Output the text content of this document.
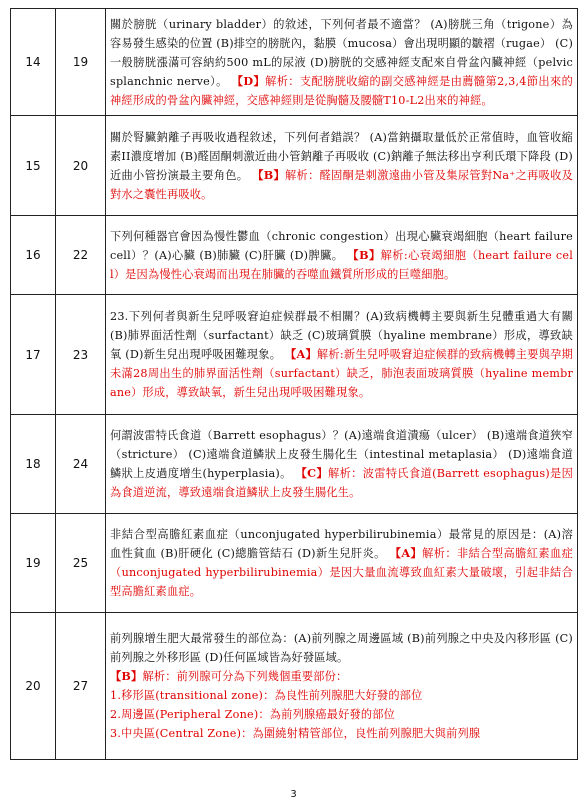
14	19	關於膀胱（urinary bladder）的敘述，下列何者最不適當？ (A)膀胱三角（trigone）為容易發生感染的位置 (B)排空的膀胱內，黏膜（mucosa）會出現明顯的皺褶（rugae） (C)一般膀胱漲滿可容納約500 mL的尿液 (D)膀胱的交感神經支配來自骨盆內臟神經（pelvic splanchnic nerve）。 【D】解析：支配膀胱收縮的副交感神經是由薦髓第2,3,4節出來的神經形成的骨盆內臟神經，交感神經則是從胸髓及腰髓T10-L2出來的神經。
15	20	關於腎臟鈉離子再吸收過程敘述，下列何者錯誤？ (A)當鈉攝取量低於正常值時，血管收縮素II濃度增加 (B)醛固酮刺激近曲小管鈉離子再吸收 (C)鈉離子無法移出亨利氏環下降段 (D)近曲小管扮演最主要角色。 【B】解析：醛固酮是刺激遠曲小管及集尿管對Na⁺之再吸收及對水之囊性再吸收。
16	22	下列何種器官會因為慢性鬱血（chronic congestion）出現心臟衰竭細胞（heart failure cell）？(A)心臟 (B)肺臟 (C)肝臟 (D)脾臟。 【B】解析:心衰竭細胞（heart failure cell）是因為慢性心衰竭而出現在肺臟的吞噬血鐵質所形成的巨噬細胞。
17	23	23.下列何者與新生兒呼吸窘迫症候群最不相關？(A)致病機轉主要與新生兒體重過大有關 (B)肺界面活性劑（surfactant）缺乏 (C)玻璃質膜（hyaline membrane）形成，導致缺氧 (D)新生兒出現呼吸困難現象。 【A】解析:新生兒呼吸窘迫症候群的致病機轉主要與孕期未滿28周出生的肺界面活性劑（surfactant）缺乏，肺泡表面玻璃質膜（hyaline membrane）形成，導致缺氧，新生兒出現呼吸困難現象。
18	24	何謂波雷特氏食道（Barrett esophagus）？(A)遠端食道潰瘍（ulcer） (B)遠端食道狹窄（stricture） (C)遠端食道鱗狀上皮發生腸化生（intestinal metaplasia） (D)遠端食道鱗狀上皮過度增生(hyperplasia)。 【C】解析：波雷特氏食道(Barrett esophagus)是因為食道逆流，導致遠端食道鱗狀上皮發生腸化生。
19	25	非結合型高膽紅素血症（unconjugated hyperbilirubinemia）最常見的原因是：(A)溶血性貧血 (B)肝硬化 (C)總膽管結石 (D)新生兒肝炎。 【A】解析：非結合型高膽紅素血症（unconjugated hyperbilirubinemia）是因大量血流導致血紅素大量破壞，引起非結合型高膽紅素血症。
20	27	前列腺增生肥大最常發生的部位為：(A)前列腺之周邊區域 (B)前列腺之中央及內移形區 (C)前列腺之外移形區 (D)任何區域皆為好發區域。
【B】解析：前列腺可分為下列幾個重要部份：
1.移形區(transitional zone)：為良性前列腺肥大好發的部位
2.周邊區(Peripheral Zone)：為前列腺癌最好發的部位
3.中央區(Central Zone)：為圍繞射精管部位，良性前列腺肥大與前列腺
3
